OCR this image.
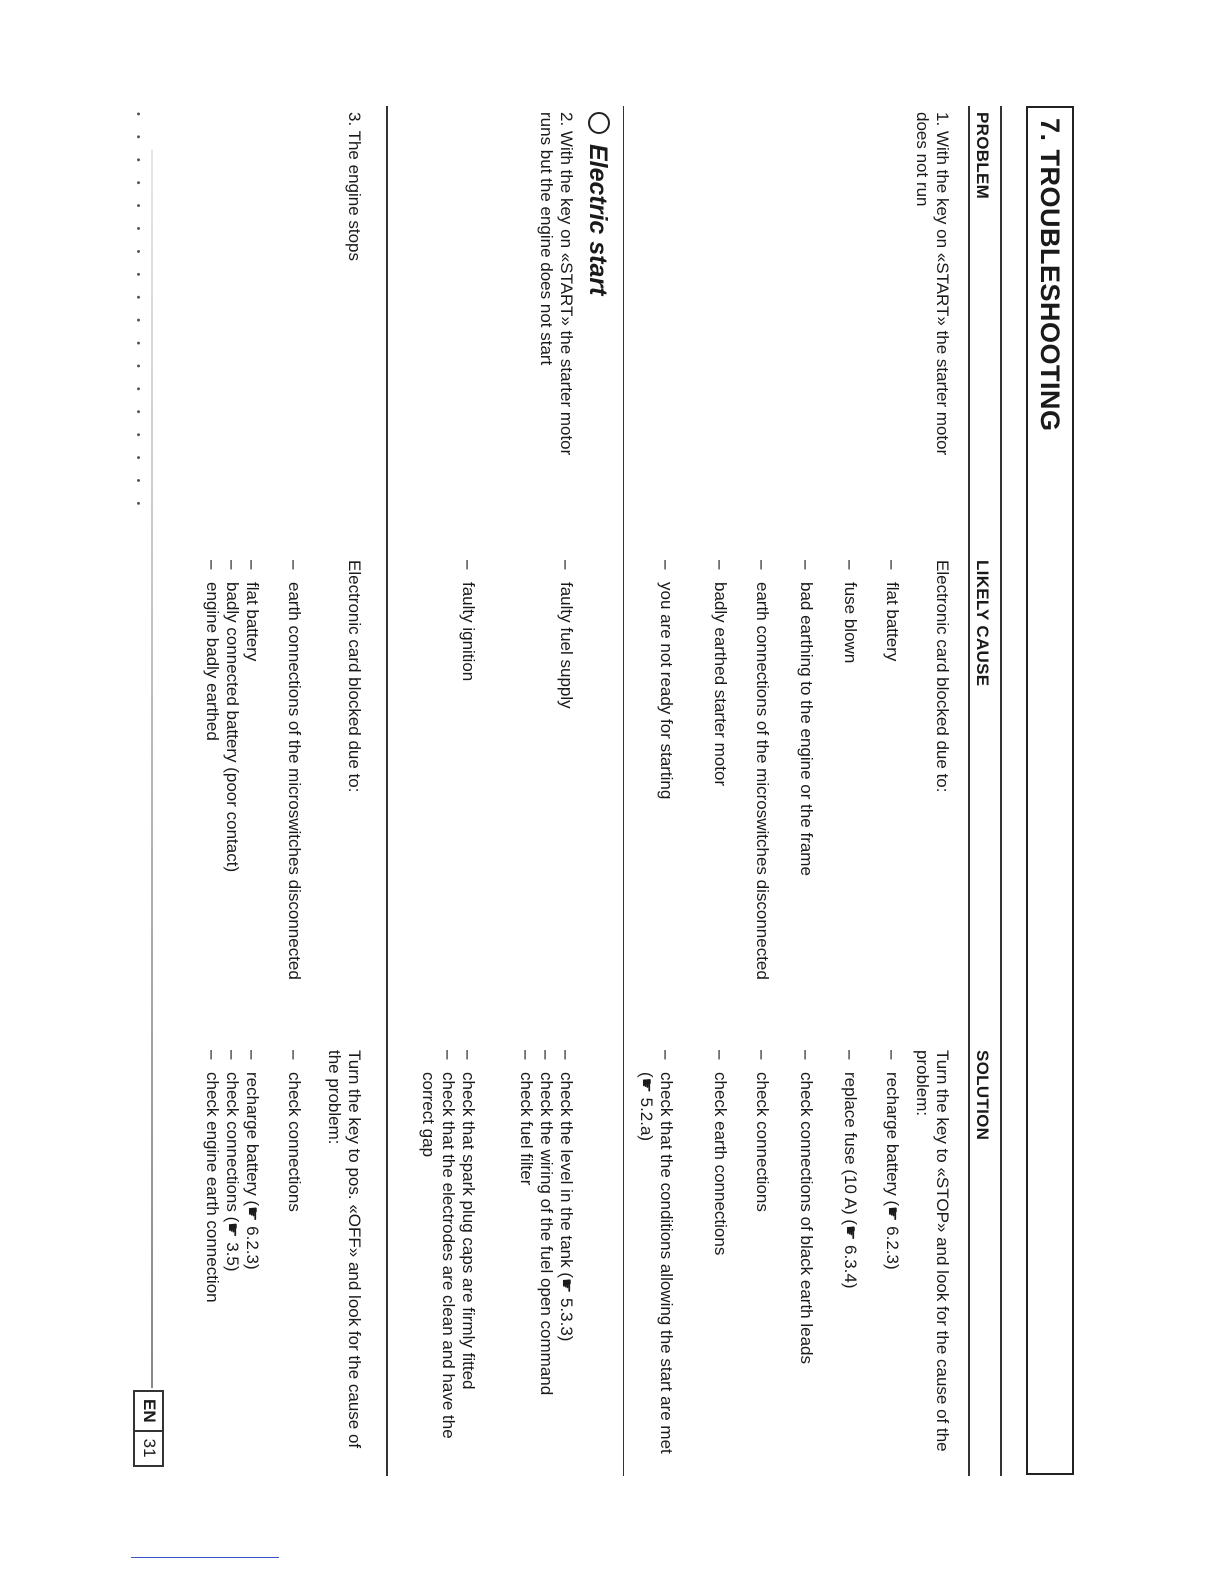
7. TROUBLESHOOTING
PROBLEM
LIKELY CAUSE
SOLUTION
• • • • • • • • • • • • • • • • • •	1. With the key on «START» the starter motor does not run
Electronic card blocked due to:
Turn the key to «STOP» and look for the cause of the problem:
–
flat battery
–
recharge battery (☛ 6.2.3)
–
fuse blown
–
replace fuse (10 A) (☛ 6.3.4)
–
bad earthing to the engine or the frame
–
check connections of black earth leads
–
earth connections of the microswitches disconnected
–
check connections
–
badly earthed starter motor
–
check earth connections
–
you are not ready for starting
–
check that the conditions allowing the start are met (☛ 5.2.a)
Electric start
2. With the key on «START» the starter motor runs but the engine does not start
–
faulty fuel supply
–
check the level in the tank (☛ 5.3.3)
–
check the wiring of the fuel open command
–
check fuel filter
–
faulty ignition
–
check that spark plug caps are firmly fitted
–
check that the electrodes are clean and have the correct gap
3. The engine stops
Electronic card blocked due to:
Turn the key to pos. «OFF» and look for the cause of the problem:
–
earth connections of the microswitches disconnected
–
check connections
–
flat battery
–
badly connected battery (poor contact)
–
engine badly earthed
–
recharge battery (☛ 6.2.3)
–
check connections (☛ 3.5)
–
check engine earth connection
EN
31
